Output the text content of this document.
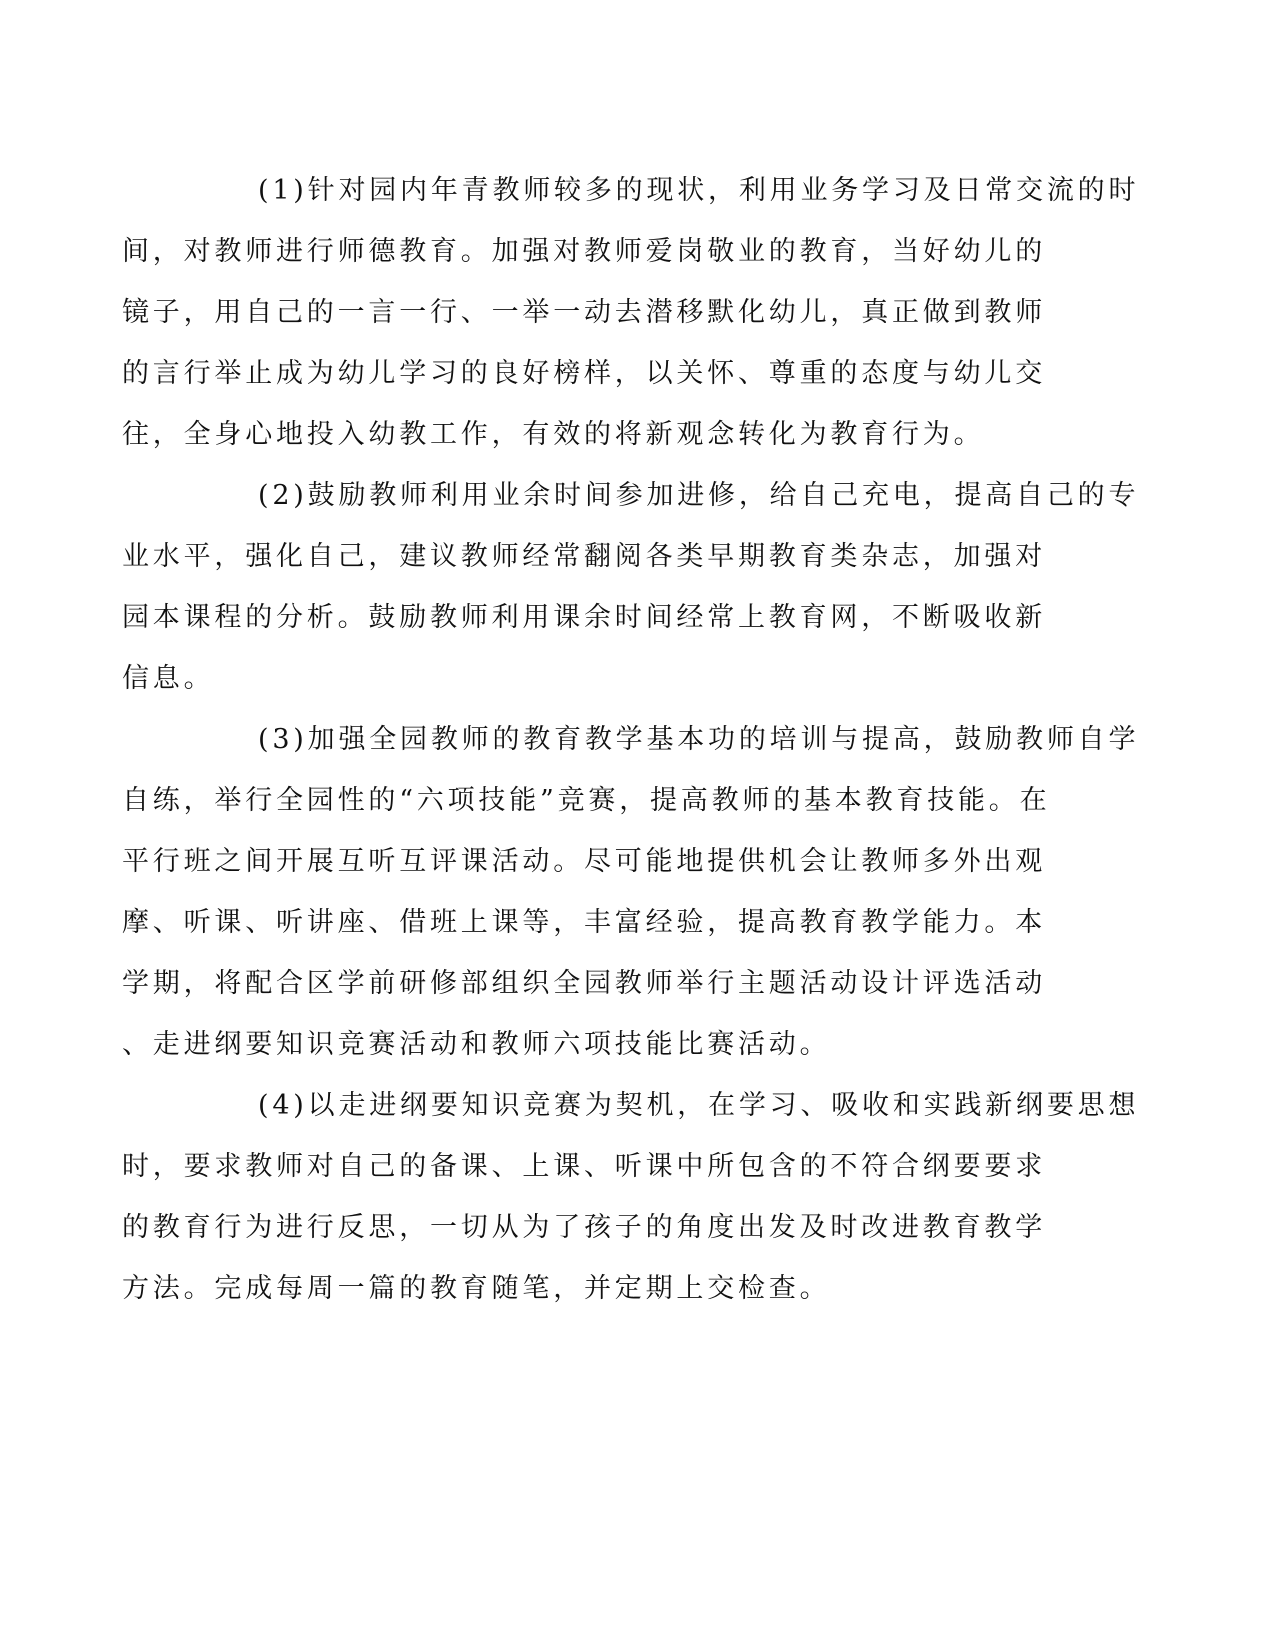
(1)针对园内年青教师较多的现状，利用业务学习及日常交流的时
间，对教师进行师德教育。加强对教师爱岗敬业的教育，当好幼儿的
镜子，用自己的一言一行、一举一动去潜移默化幼儿，真正做到教师
的言行举止成为幼儿学习的良好榜样，以关怀、尊重的态度与幼儿交
往，全身心地投入幼教工作，有效的将新观念转化为教育行为。

(2)鼓励教师利用业余时间参加进修，给自己充电，提高自己的专
业水平，强化自己，建议教师经常翻阅各类早期教育类杂志，加强对
园本课程的分析。鼓励教师利用课余时间经常上教育网，不断吸收新
信息。

(3)加强全园教师的教育教学基本功的培训与提高，鼓励教师自学
自练，举行全园性的“六项技能”竞赛，提高教师的基本教育技能。在
平行班之间开展互听互评课活动。尽可能地提供机会让教师多外出观
摩、听课、听讲座、借班上课等，丰富经验，提高教育教学能力。本
学期，将配合区学前研修部组织全园教师举行主题活动设计评选活动
、走进纲要知识竞赛活动和教师六项技能比赛活动。

(4)以走进纲要知识竞赛为契机，在学习、吸收和实践新纲要思想
时，要求教师对自己的备课、上课、听课中所包含的不符合纲要要求
的教育行为进行反思，一切从为了孩子的角度出发及时改进教育教学
方法。完成每周一篇的教育随笔，并定期上交检查。
